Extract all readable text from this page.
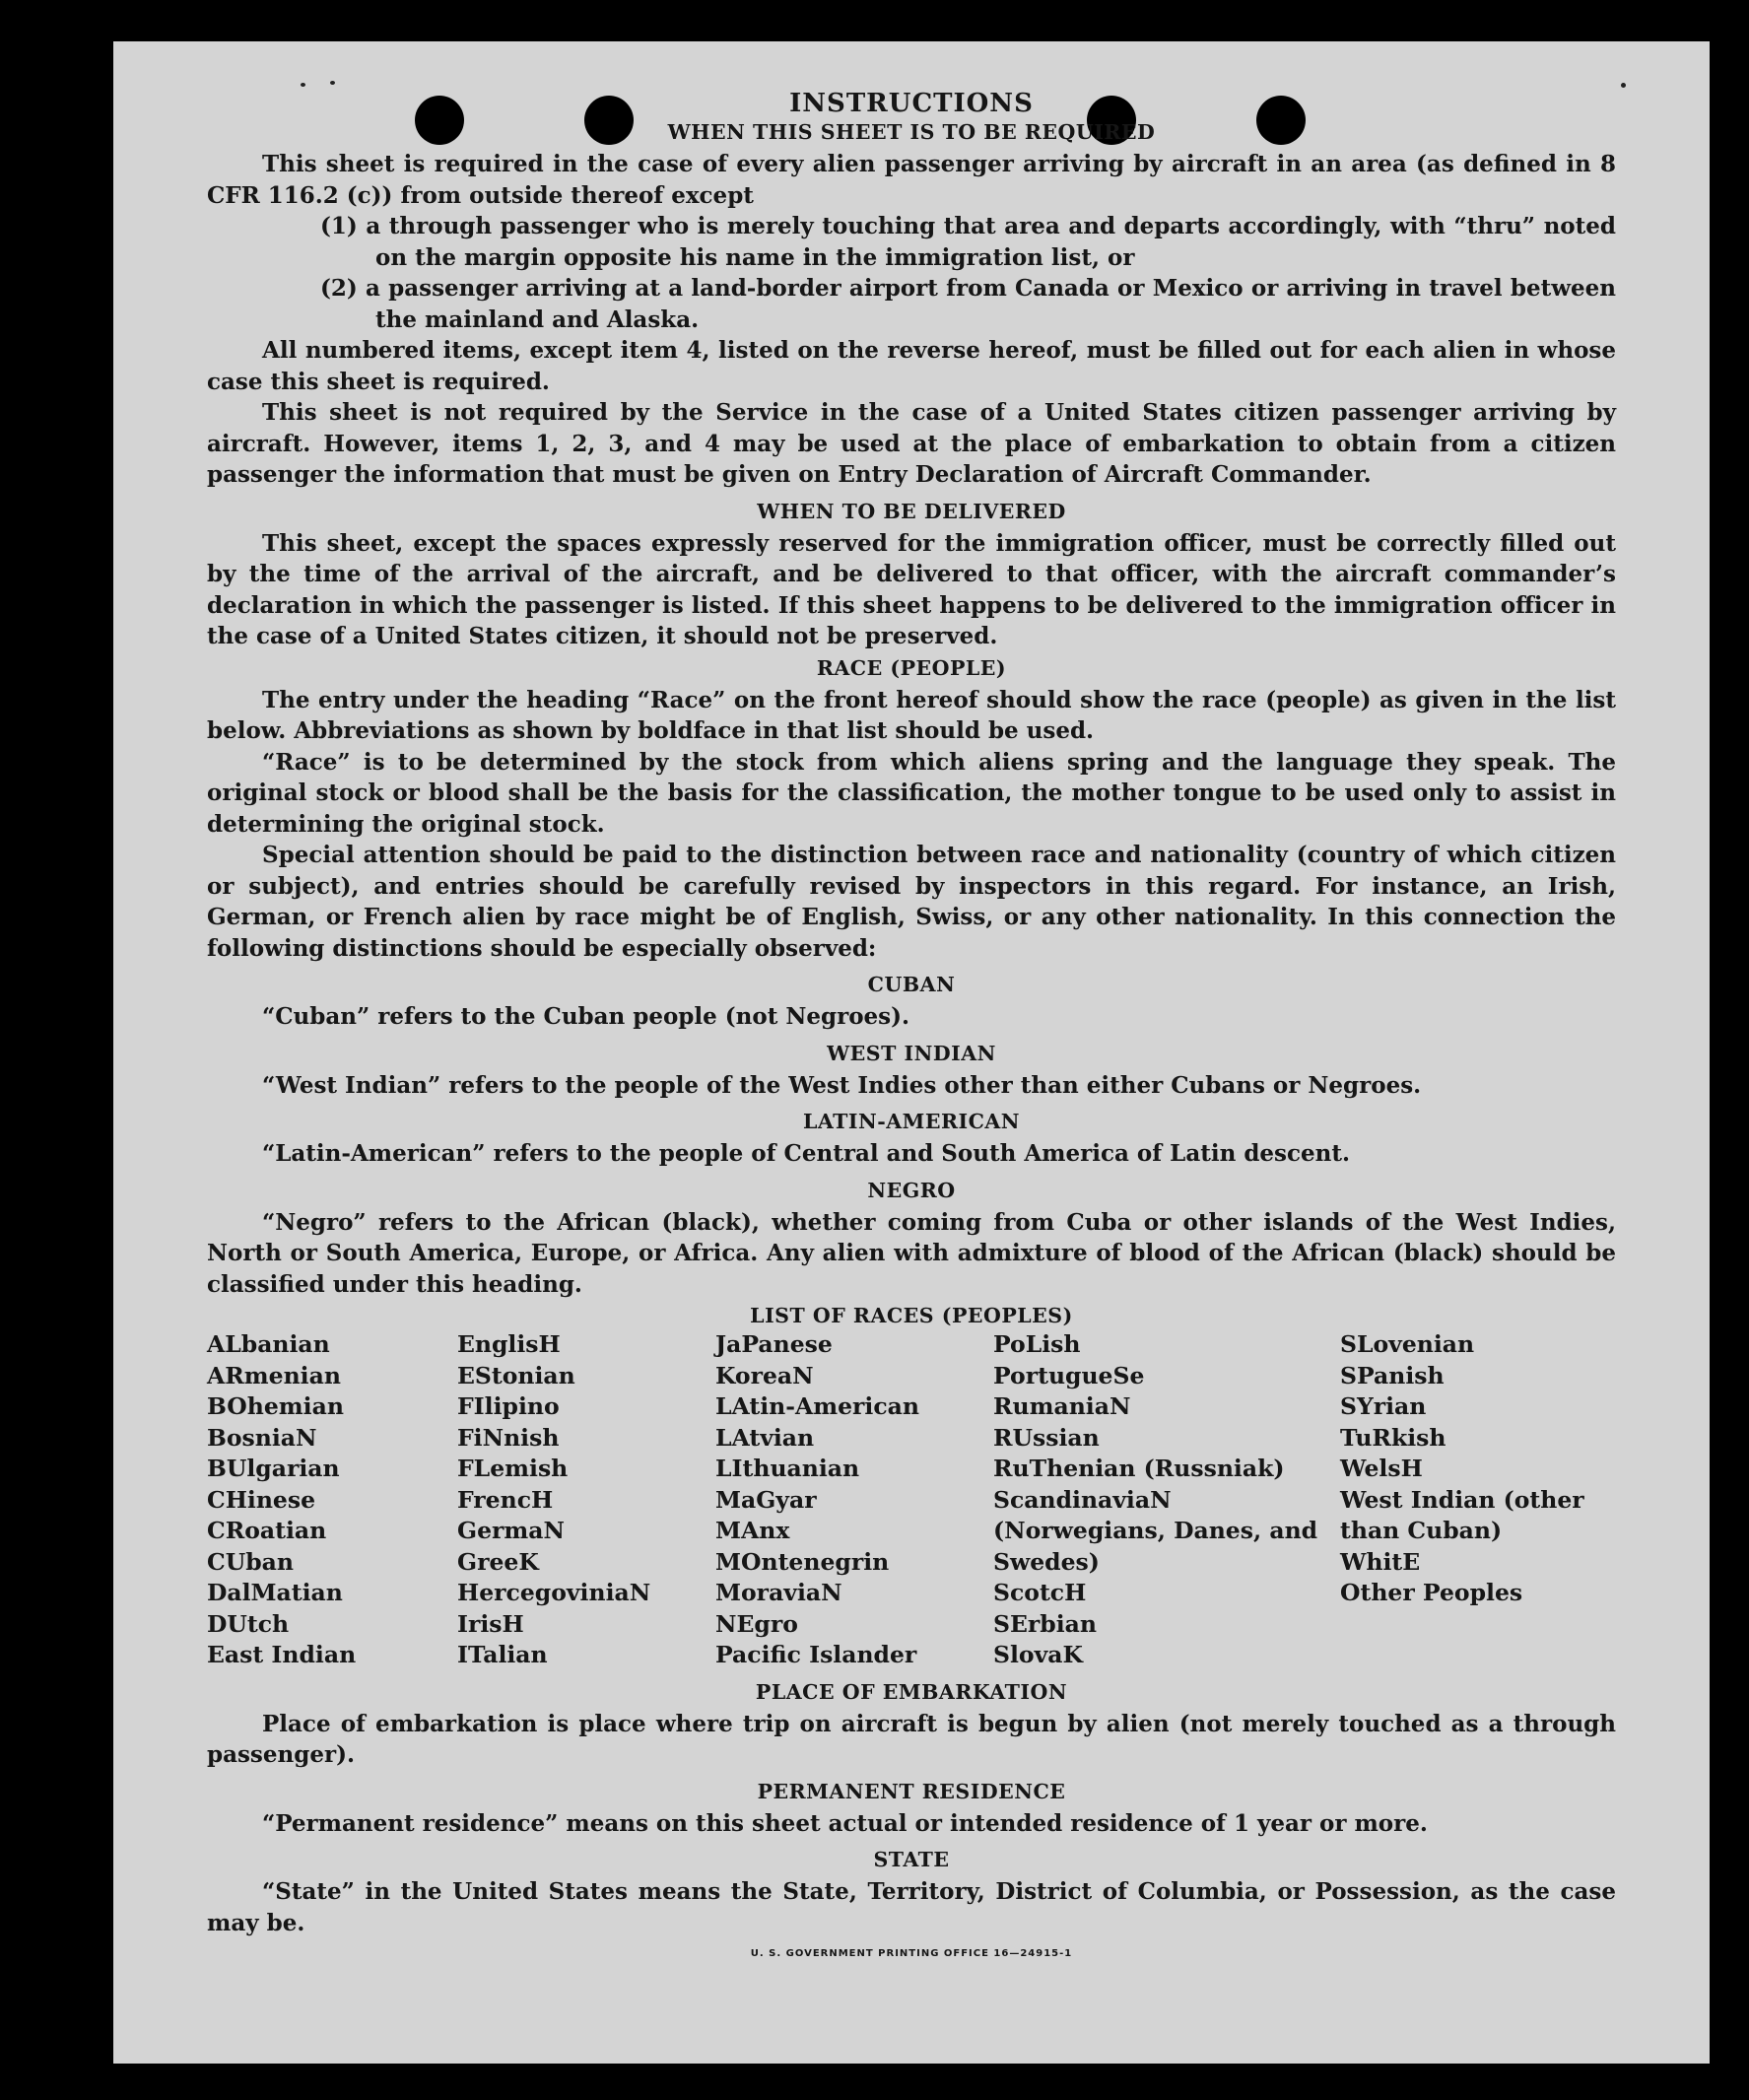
INSTRUCTIONS
WHEN THIS SHEET IS TO BE REQUIRED

This sheet is required in the case of every alien passenger arriving by aircraft in an area (as defined in 8 CFR 116.2 (c)) from outside thereof except

(1) a through passenger who is merely touching that area and departs accordingly, with “thru” noted on the margin opposite his name in the immigration list, or

(2) a passenger arriving at a land-border airport from Canada or Mexico or arriving in travel between the mainland and Alaska.

All numbered items, except item 4, listed on the reverse hereof, must be filled out for each alien in whose case this sheet is required.

This sheet is not required by the Service in the case of a United States citizen passenger arriving by aircraft. However, items 1, 2, 3, and 4 may be used at the place of embarkation to obtain from a citizen passenger the information that must be given on Entry Declaration of Aircraft Commander.

WHEN TO BE DELIVERED

This sheet, except the spaces expressly reserved for the immigration officer, must be correctly filled out by the time of the arrival of the aircraft, and be delivered to that officer, with the aircraft commander’s declaration in which the passenger is listed. If this sheet happens to be delivered to the immigration officer in the case of a United States citizen, it should not be preserved.

RACE (PEOPLE)

The entry under the heading “Race” on the front hereof should show the race (people) as given in the list below. Abbreviations as shown by boldface in that list should be used.

“Race” is to be determined by the stock from which aliens spring and the language they speak. The original stock or blood shall be the basis for the classification, the mother tongue to be used only to assist in determining the original stock.

Special attention should be paid to the distinction between race and nationality (country of which citizen or subject), and entries should be carefully revised by inspectors in this regard. For instance, an Irish, German, or French alien by race might be of English, Swiss, or any other nationality. In this connection the following distinctions should be especially observed:

CUBAN

“Cuban” refers to the Cuban people (not Negroes).

WEST INDIAN

“West Indian” refers to the people of the West Indies other than either Cubans or Negroes.

LATIN-AMERICAN

“Latin-American” refers to the people of Central and South America of Latin descent.

NEGRO

“Negro” refers to the African (black), whether coming from Cuba or other islands of the West Indies, North or South America, Europe, or Africa. Any alien with admixture of blood of the African (black) should be classified under this heading.

LIST OF RACES (PEOPLES)
ALbanian
ARmenian
BOhemian
BosniaN
BUlgarian
CHinese
CRoatian
CUban
DalMatian
DUtch
East Indian
EnglisH
EStonian
FIlipino
FiNnish
FLemish
FrencH
GermaN
GreeK
HercegoviniaN
IrisH
ITalian
JaPanese
KoreaN
LAtin-American
LAtvian
LIthuanian
MaGyar
MAnx
MOntenegrin
MoraviaN
NEgro
Pacific Islander
PoLish
PortugueSe
RumaniaN
RUssian
RuThenian (Russniak)
ScandinaviaN (Norwegians, Danes, and Swedes)
ScotcH
SErbian
SlovaK
SLovenian
SPanish
SYrian
TuRkish
WelsH
West Indian (other than Cuban)
WhitE
Other Peoples
PLACE OF EMBARKATION

Place of embarkation is place where trip on aircraft is begun by alien (not merely touched as a through passenger).

PERMANENT RESIDENCE

“Permanent residence” means on this sheet actual or intended residence of 1 year or more.

STATE

“State” in the United States means the State, Territory, District of Columbia, or Possession, as the case may be.

U. S. GOVERNMENT PRINTING OFFICE 16—24915-1
